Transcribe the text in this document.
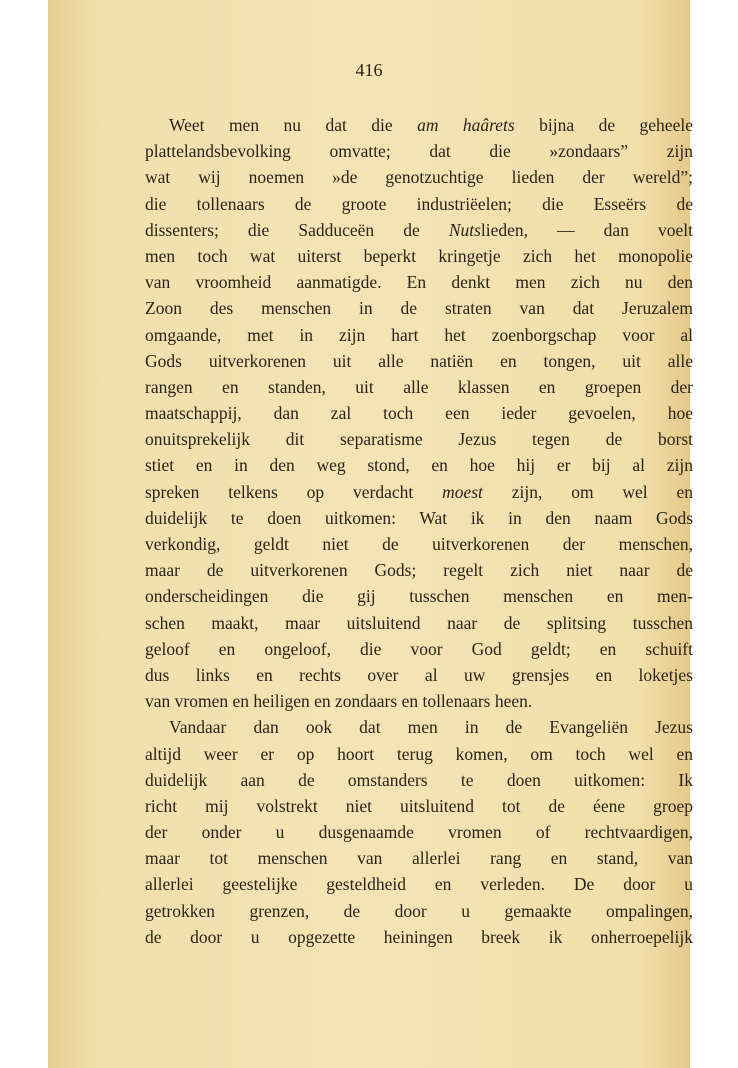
416
Weet men nu dat die am haârets bijna de geheele
plattelandsbevolking omvatte; dat die »zondaars” zijn
wat wij noemen »de genotzuchtige lieden der wereld”;
die tollenaars de groote industriëelen; die Esseërs de
dissenters; die Sadduceën de Nutslieden, — dan voelt
men toch wat uiterst beperkt kringetje zich het monopolie
van vroomheid aanmatigde. En denkt men zich nu den
Zoon des menschen in de straten van dat Jeruzalem
omgaande, met in zijn hart het zoenborgschap voor al
Gods uitverkorenen uit alle natiën en tongen, uit alle
rangen en standen, uit alle klassen en groepen der
maatschappij, dan zal toch een ieder gevoelen, hoe
onuitsprekelijk dit separatisme Jezus tegen de borst
stiet en in den weg stond, en hoe hij er bij al zijn
spreken telkens op verdacht moest zijn, om wel en
duidelijk te doen uitkomen: Wat ik in den naam Gods
verkondig, geldt niet de uitverkorenen der menschen,
maar de uitverkorenen Gods; regelt zich niet naar de
onderscheidingen die gij tusschen menschen en men-
schen maakt, maar uitsluitend naar de splitsing tusschen
geloof en ongeloof, die voor God geldt; en schuift
dus links en rechts over al uw grensjes en loketjes
van vromen en heiligen en zondaars en tollenaars heen.
Vandaar dan ook dat men in de Evangeliën Jezus
altijd weer er op hoort terug komen, om toch wel en
duidelijk aan de omstanders te doen uitkomen: Ik
richt mij volstrekt niet uitsluitend tot de éene groep
der onder u dusgenaamde vromen of rechtvaardigen,
maar tot menschen van allerlei rang en stand, van
allerlei geestelijke gesteldheid en verleden. De door u
getrokken grenzen, de door u gemaakte ompalingen,
de door u opgezette heiningen breek ik onherroepelijk
